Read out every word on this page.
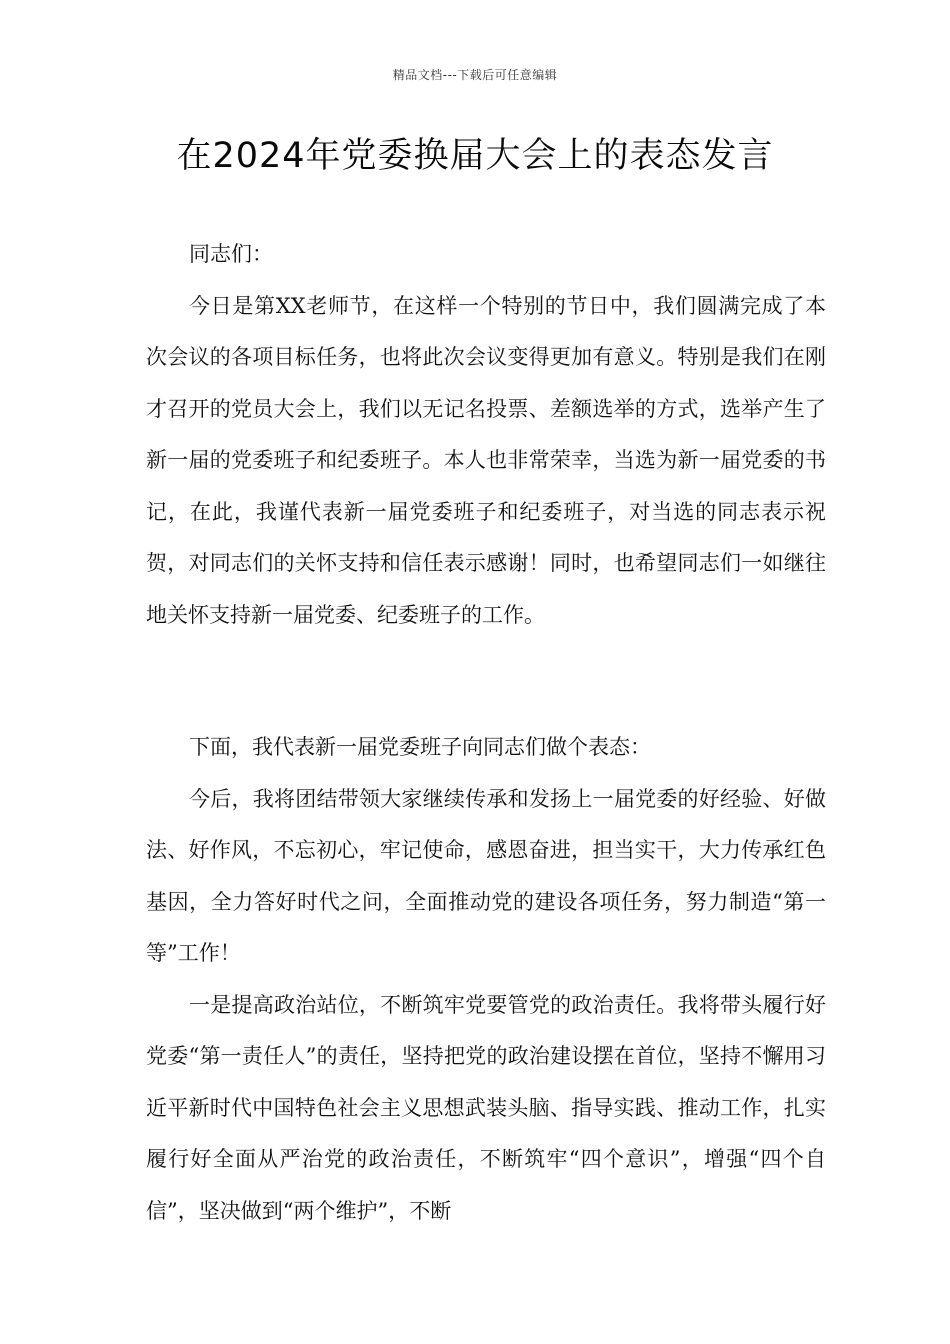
精品文档---下载后可任意编辑
在2024年党委换届大会上的表态发言

同志们：

今日是第XX老师节，在这样一个特别的节日中，我们圆满完成了本次会议的各项目标任务，也将此次会议变得更加有意义。特别是我们在刚才召开的党员大会上，我们以无记名投票、差额选举的方式，选举产生了新一届的党委班子和纪委班子。本人也非常荣幸，当选为新一届党委的书记，在此，我谨代表新一届党委班子和纪委班子，对当选的同志表示祝贺，对同志们的关怀支持和信任表示感谢！同时，也希望同志们一如继往地关怀支持新一届党委、纪委班子的工作。

下面，我代表新一届党委班子向同志们做个表态：

今后，我将团结带领大家继续传承和发扬上一届党委的好经验、好做法、好作风，不忘初心，牢记使命，感恩奋进，担当实干，大力传承红色基因，全力答好时代之问，全面推动党的建设各项任务，努力制造“第一等”工作！

一是提高政治站位，不断筑牢党要管党的政治责任。我将带头履行好党委“第一责任人”的责任，坚持把党的政治建设摆在首位，坚持不懈用习近平新时代中国特色社会主义思想武装头脑、指导实践、推动工作，扎实履行好全面从严治党的政治责任，不断筑牢“四个意识”，增强“四个自信”，坚决做到“两个维护”，不断
